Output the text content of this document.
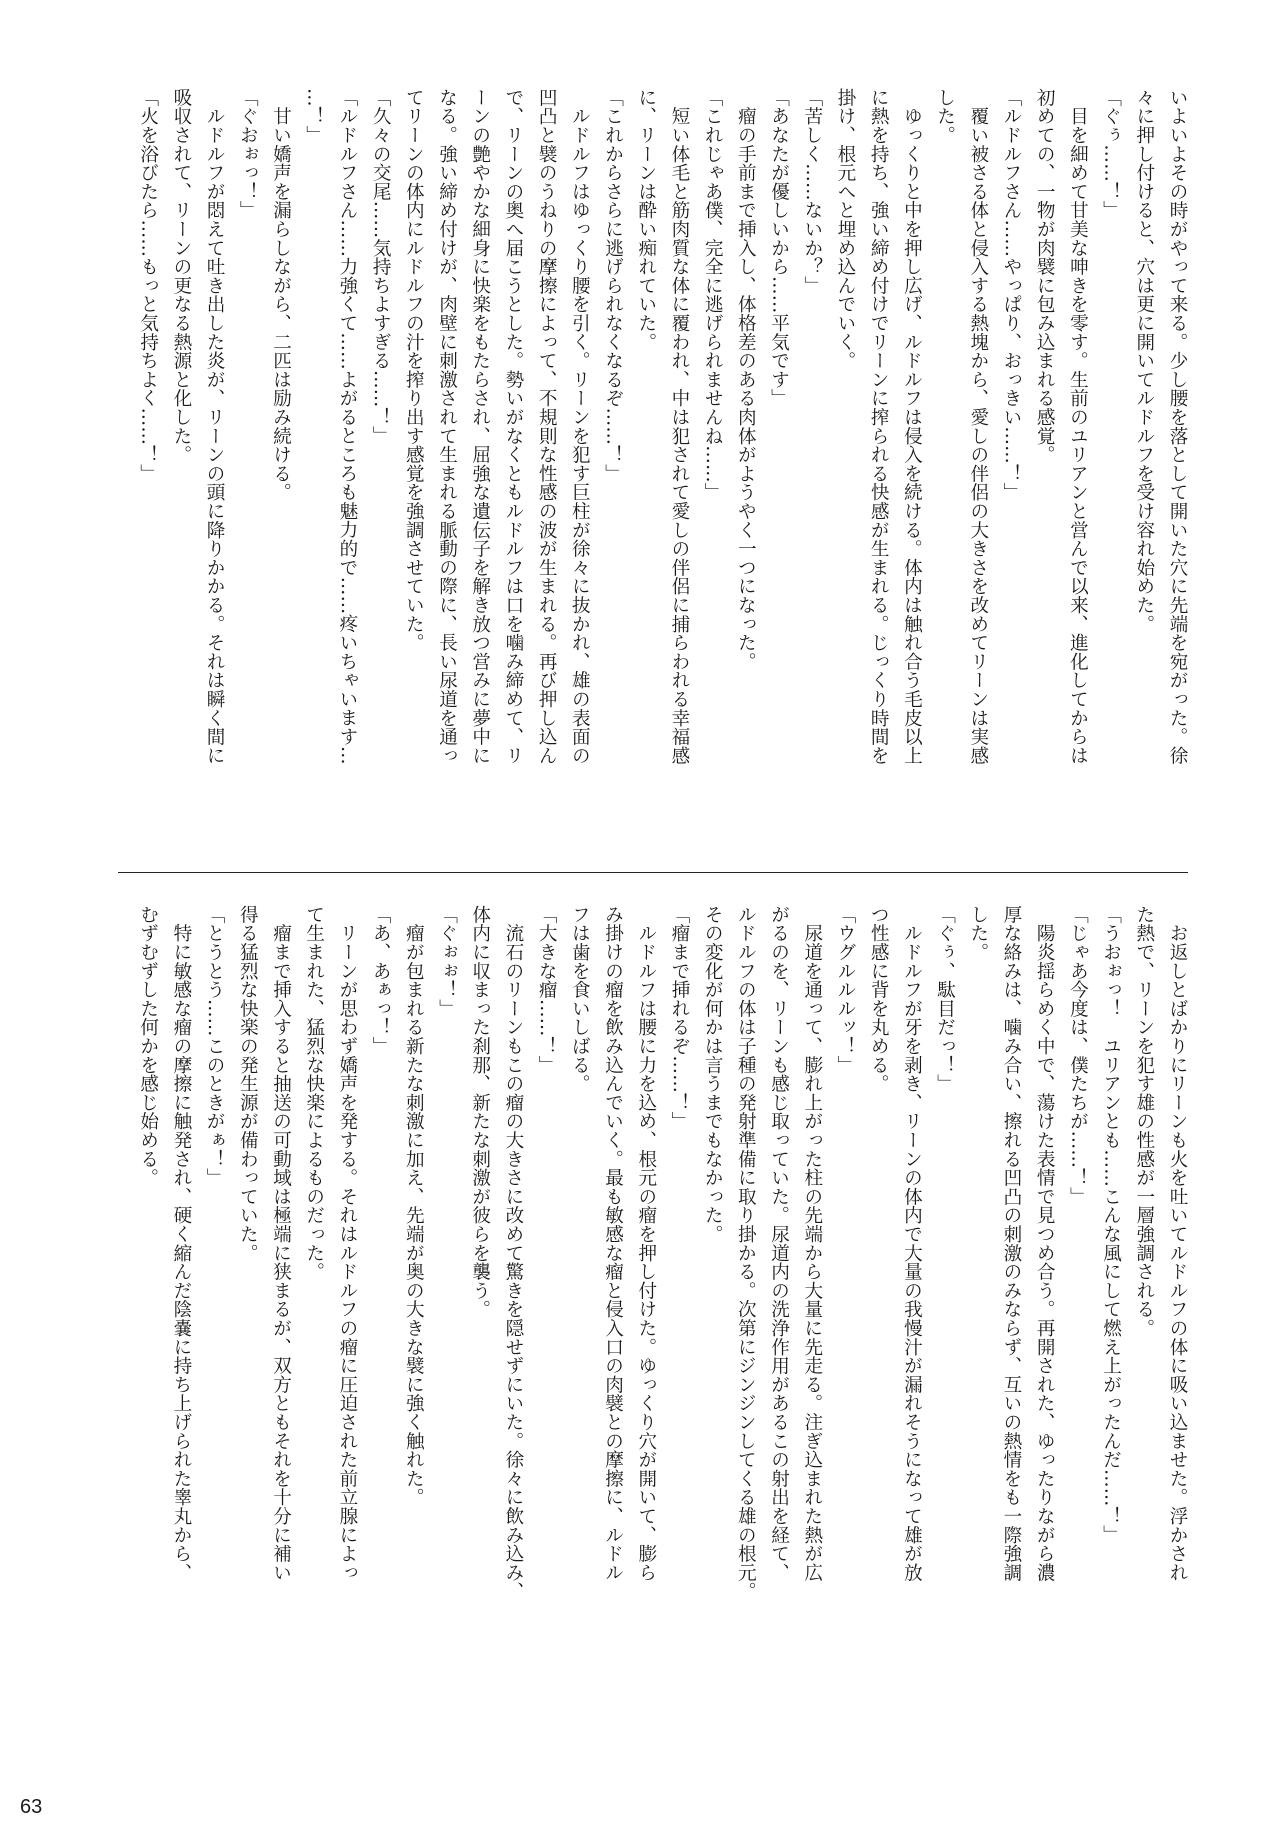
いよいよその時がやって来る。少し腰を落として開いた穴に先端を宛がった。徐
々に押し付けると、穴は更に開いてルドルフを受け容れ始めた。
「ぐぅ……！」
　目を細めて甘美な呻きを零す。生前のユリアンと営んで以来、進化してからは
初めての、一物が肉襞に包み込まれる感覚。
「ルドルフさん……やっぱり、おっきい……！」
　覆い被さる体と侵入する熱塊から、愛しの伴侶の大きさを改めてリーンは実感
した。
　ゆっくりと中を押し広げ、ルドルフは侵入を続ける。体内は触れ合う毛皮以上
に熱を持ち、強い締め付けでリーンに搾られる快感が生まれる。じっくり時間を
掛け、根元へと埋め込んでいく。
「苦しく……ないか？」
「あなたが優しいから……平気です」
　瘤の手前まで挿入し、体格差のある肉体がようやく一つになった。
「これじゃあ僕、完全に逃げられませんね……」
　短い体毛と筋肉質な体に覆われ、中は犯されて愛しの伴侶に捕らわれる幸福感
に、リーンは酔い痴れていた。
「これからさらに逃げられなくなるぞ……！」
　ルドルフはゆっくり腰を引く。リーンを犯す巨柱が徐々に抜かれ、雄の表面の
凹凸と襞のうねりの摩擦によって、不規則な性感の波が生まれる。再び押し込ん
で、リーンの奥へ届こうとした。勢いがなくともルドルフは口を噛み締めて、リ
ーンの艶やかな細身に快楽をもたらされ、屈強な遺伝子を解き放つ営みに夢中に
なる。強い締め付けが、肉壁に刺激されて生まれる脈動の際に、長い尿道を通っ
てリーンの体内にルドルフの汁を搾り出す感覚を強調させていた。
「久々の交尾……気持ちよすぎる……！」
「ルドルフさん……力強くて……よがるところも魅力的で……疼いちゃいます…
…！」
　甘い嬌声を漏らしながら、二匹は励み続ける。
「ぐおぉっ！」
　ルドルフが悶えて吐き出した炎が、リーンの頭に降りかかる。それは瞬く間に
吸収されて、リーンの更なる熱源と化した。
「火を浴びたら……もっと気持ちよく……！」
　お返しとばかりにリーンも火を吐いてルドルフの体に吸い込ませた。浮かされ
た熱で、リーンを犯す雄の性感が一層強調される。
「うおぉっ！　ユリアンとも……こんな風にして燃え上がったんだ……！」
「じゃあ今度は、僕たちが……！」
　陽炎揺らめく中で、蕩けた表情で見つめ合う。再開された、ゆったりながら濃
厚な絡みは、噛み合い、擦れる凹凸の刺激のみならず、互いの熱情をも一際強調
した。
「ぐぅ、駄目だっ！」
　ルドルフが牙を剥き、リーンの体内で大量の我慢汁が漏れそうになって雄が放
つ性感に背を丸める。
「ウグルルルッ！」
　尿道を通って、膨れ上がった柱の先端から大量に先走る。注ぎ込まれた熱が広
がるのを、リーンも感じ取っていた。尿道内の洗浄作用があるこの射出を経て、
ルドルフの体は子種の発射準備に取り掛かる。次第にジンジンしてくる雄の根元。
その変化が何かは言うまでもなかった。
「瘤まで挿れるぞ……！」
　ルドルフは腰に力を込め、根元の瘤を押し付けた。ゆっくり穴が開いて、膨ら
み掛けの瘤を飲み込んでいく。最も敏感な瘤と侵入口の肉襞との摩擦に、ルドル
フは歯を食いしばる。
「大きな瘤……！」
　流石のリーンもこの瘤の大きさに改めて驚きを隠せずにいた。徐々に飲み込み、
体内に収まった刹那、新たな刺激が彼らを襲う。
「ぐぉぉ！」
　瘤が包まれる新たな刺激に加え、先端が奥の大きな襞に強く触れた。
「あ、あぁっ！」
　リーンが思わず嬌声を発する。それはルドルフの瘤に圧迫された前立腺によっ
て生まれた、猛烈な快楽によるものだった。
　瘤まで挿入すると抽送の可動域は極端に狭まるが、双方ともそれを十分に補い
得る猛烈な快楽の発生源が備わっていた。
「とうとう……このときがぁ！」
　特に敏感な瘤の摩擦に触発され、硬く縮んだ陰嚢に持ち上げられた睾丸から、
むずむずした何かを感じ始める。
63
